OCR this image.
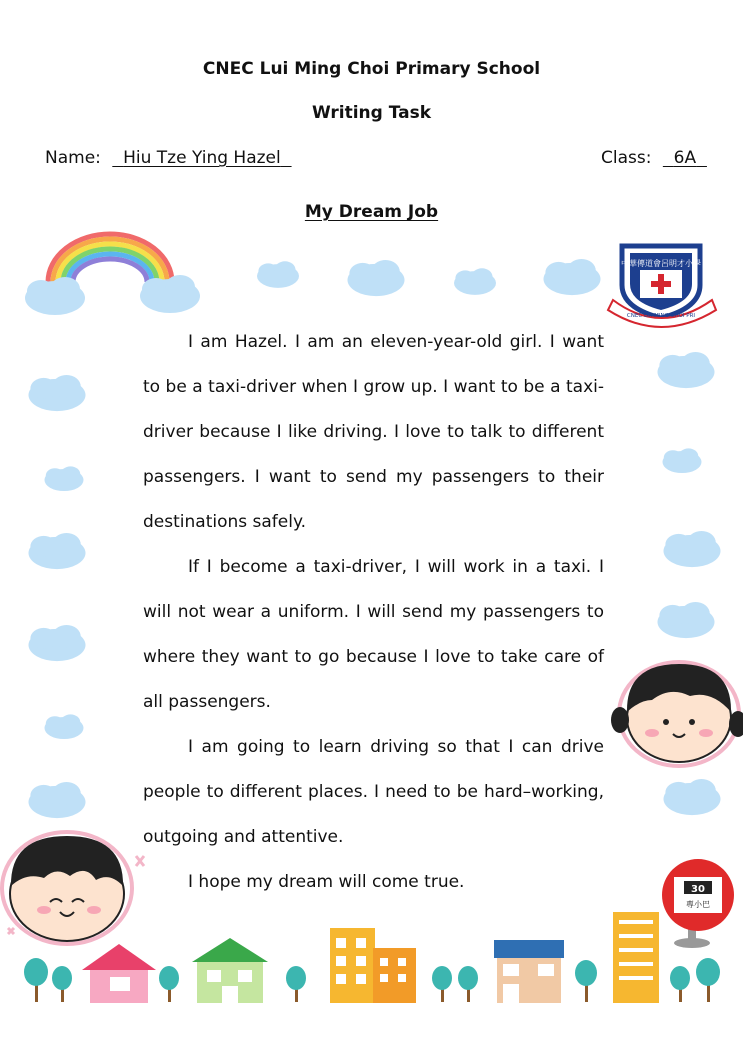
CNEC Lui Ming Choi Primary School
Writing Task
Name: Hiu Tze Ying Hazel	Class: 6A
My Dream Job
中華傳道會呂明才小學
CNEC LUI MING CHOI PRI
30
專小巴

I am Hazel. I am an eleven-year-old girl. I want to be a taxi-driver when I grow up. I want to be a taxi-driver because I like driving. I love to talk to different passengers. I want to send my passengers to their destinations safely.

If I become a taxi-driver, I will work in a taxi. I will not wear a uniform. I will send my passengers to where they want to go because I love to take care of all passengers.

I am going to learn driving so that I can drive people to different places. I need to be hard–working, outgoing and attentive.

I hope my dream will come true.
